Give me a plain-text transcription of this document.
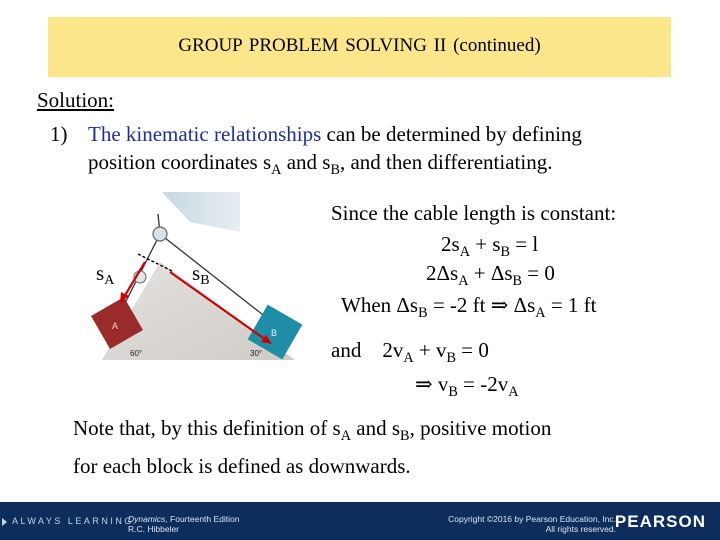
GROUP PROBLEM SOLVING II (continued)
Solution:
1) The kinematic relationships can be determined by defining
position coordinates $s_A$ and $s_B$, and then differentiating.
A
B
60°	30°
sA	sB
Since the cable length is constant:
$2s_A + s_B = l$
$2\Delta s_A + \Delta s_B = 0$
When $\Delta s_B = -2$ ft ⇒ $\Delta s_A = 1$ ft
and $2v_A + v_B = 0$
⇒ $v_B = -2v_A$
Note that, by this definition of $s_A$ and $s_B$, positive motion
for each block is defined as downwards.
ALWAYS LEARNING
Dynamics, Fourteenth Edition
R.C. Hibbeler
Copyright ©2016 by Pearson Education, Inc.
All rights reserved.
PEARSON
